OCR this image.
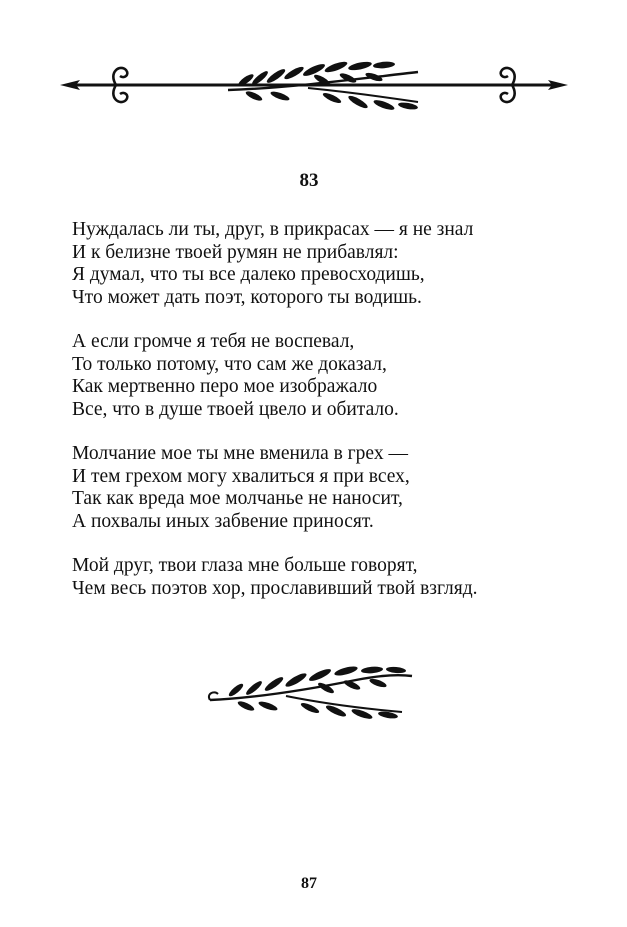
83

Нуждалась ли ты, друг, в прикрасах — я не знал
И к белизне твоей румян не прибавлял:
Я думал, что ты все далеко превосходишь,
Что может дать поэт, которого ты водишь.
А если громче я тебя не воспевал,
То только потому, что сам же доказал,
Как мертвенно перо мое изображало
Все, что в душе твоей цвело и обитало.
Молчание мое ты мне вменила в грех —
И тем грехом могу хвалиться я при всех,
Так как вреда мое молчанье не наносит,
А похвалы иных забвение приносят.
Мой друг, твои глаза мне больше говорят,
Чем весь поэтов хор, прославивший твой взгляд.

87
